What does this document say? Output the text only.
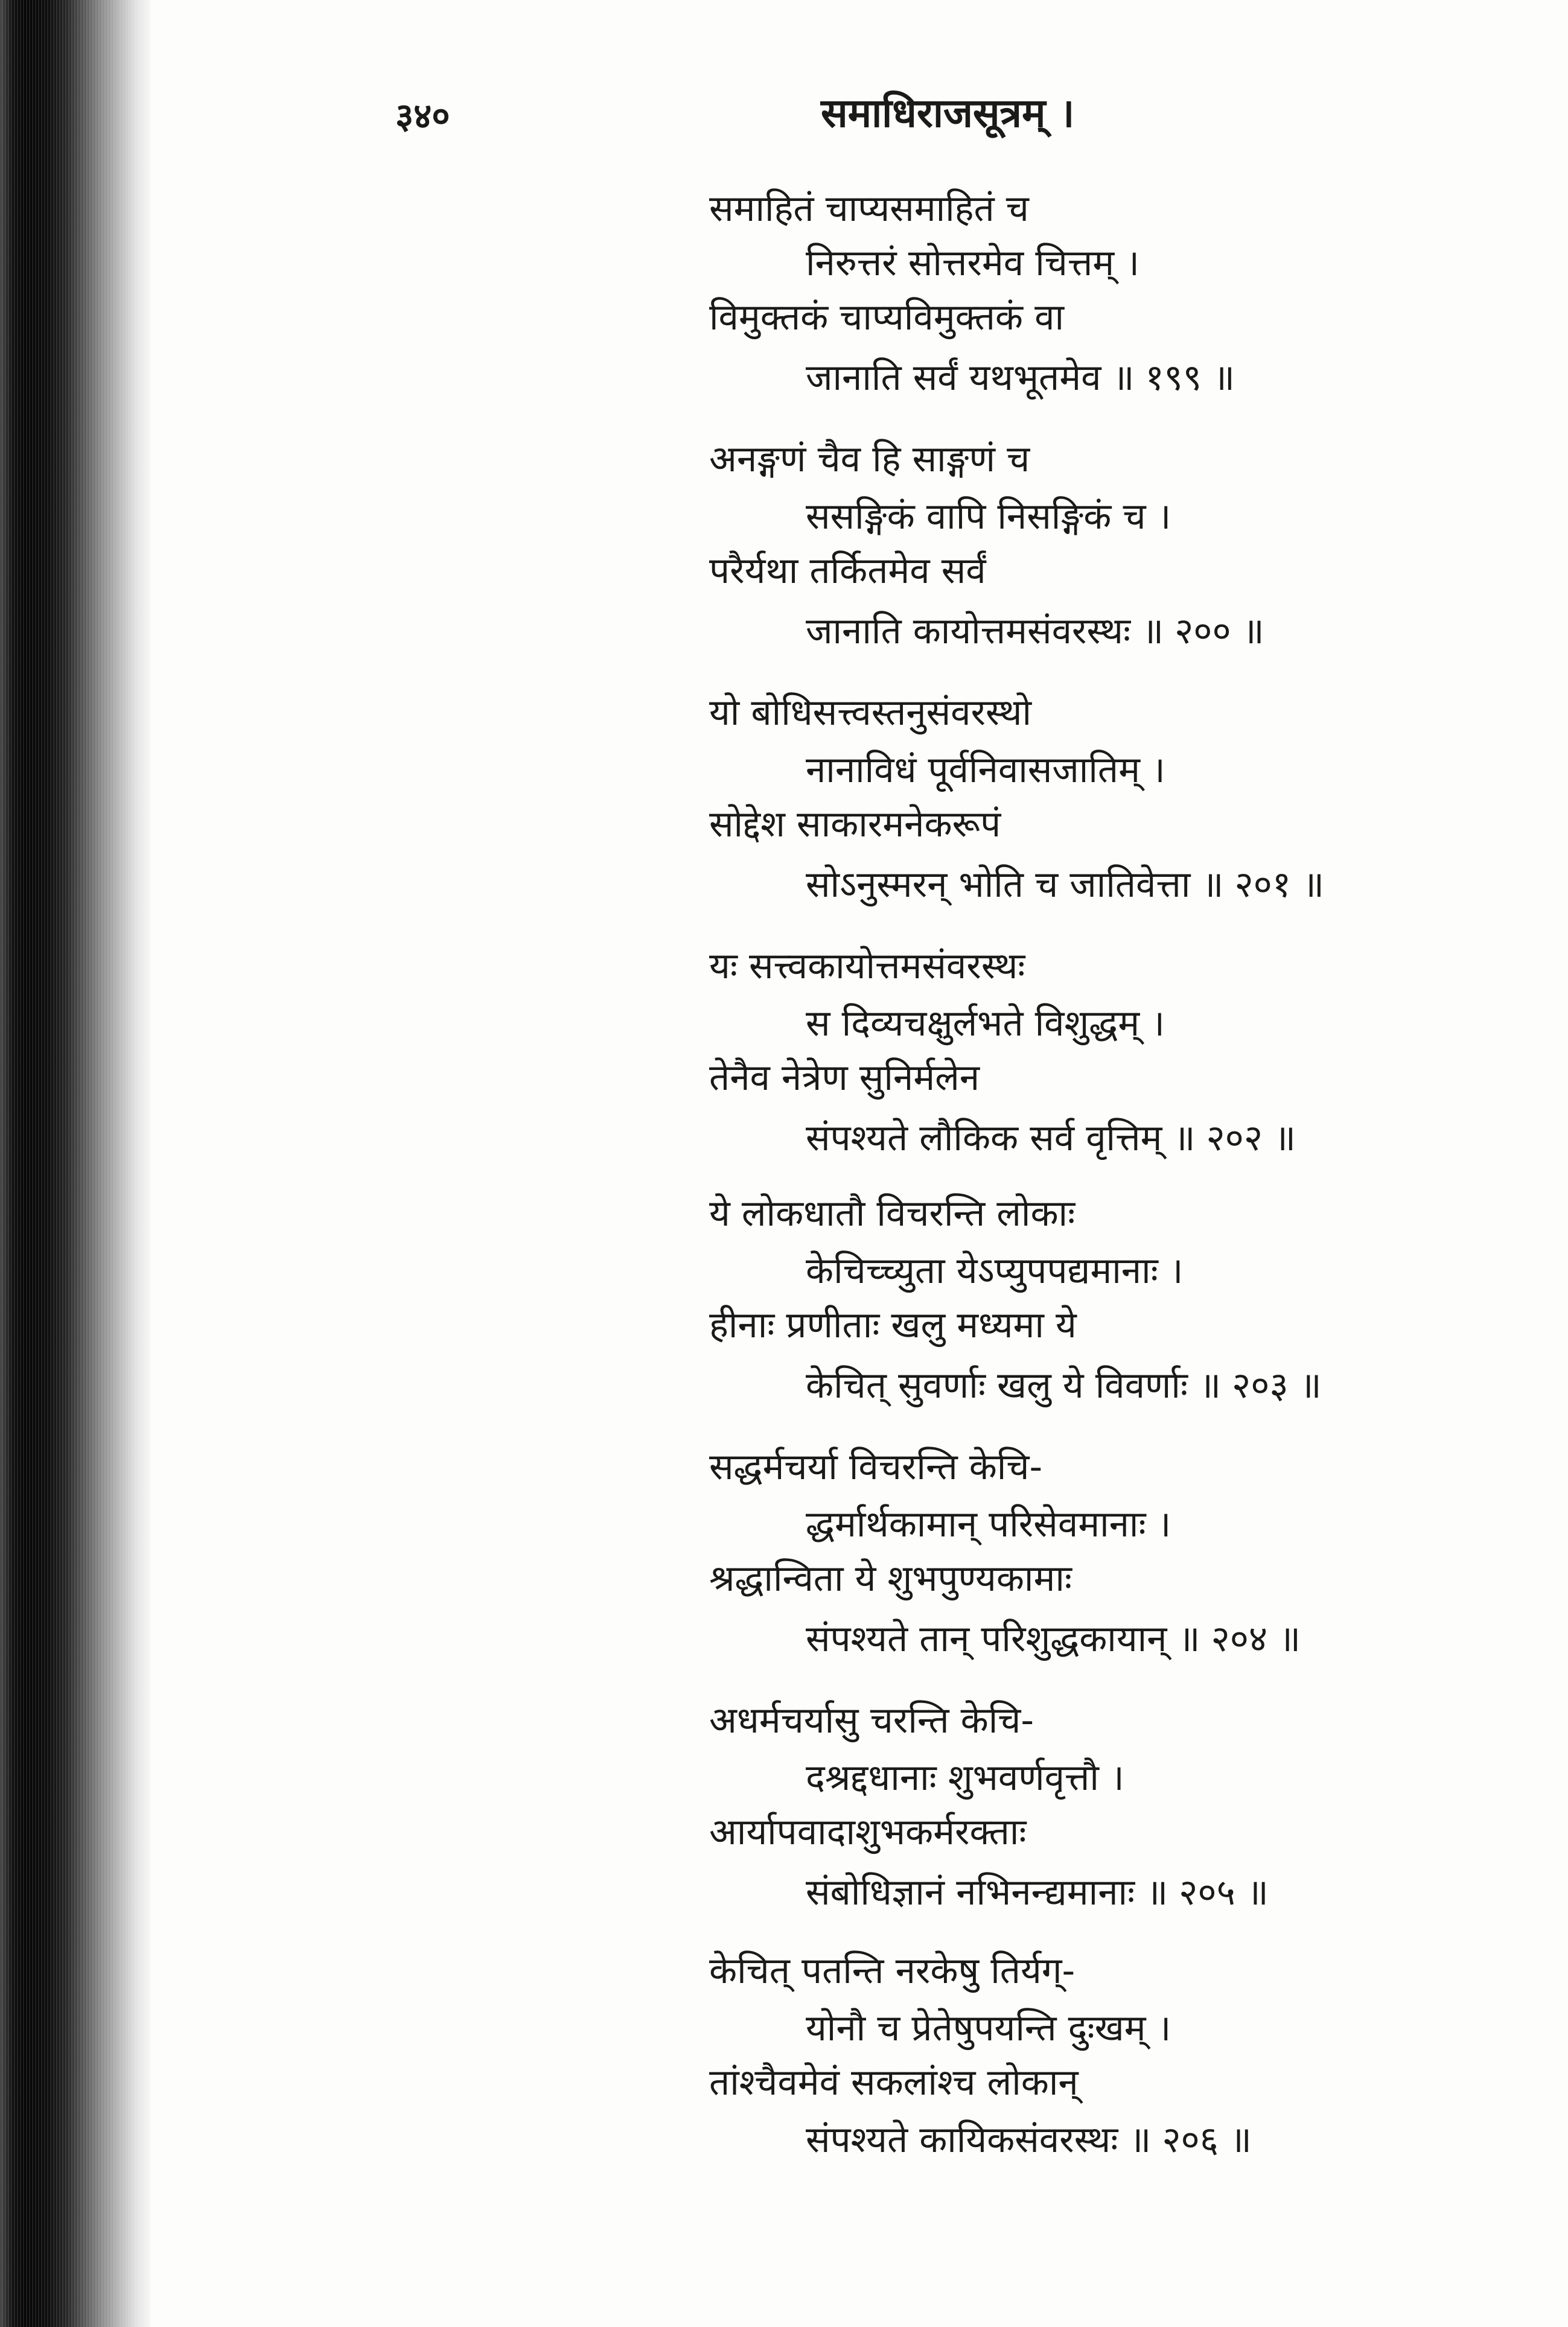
३४०	समाधिराजसूत्रम् ।
समाहितं चाप्यसमाहितं च
निरुत्तरं सोत्तरमेव चित्तम् ।
विमुक्तकं चाप्यविमुक्तकं वा
जानाति सर्वं यथभूतमेव ॥ १९९ ॥
अनङ्गणं चैव हि साङ्गणं च
ससङ्गिकं वापि निसङ्गिकं च ।
परैर्यथा तर्कितमेव सर्वं
जानाति कायोत्तमसंवरस्थः ॥ २०० ॥
यो बोधिसत्त्वस्तनुसंवरस्थो
नानाविधं पूर्वनिवासजातिम् ।
सोद्देश साकारमनेकरूपं
सोऽनुस्मरन् भोति च जातिवेत्ता ॥ २०१ ॥
यः सत्त्वकायोत्तमसंवरस्थः
स दिव्यचक्षुर्लभते विशुद्धम् ।
तेनैव नेत्रेण सुनिर्मलेन
संपश्यते लौकिक सर्व वृत्तिम् ॥ २०२ ॥
ये लोकधातौ विचरन्ति लोकाः
केचिच्च्युता येऽप्युपपद्यमानाः ।
हीनाः प्रणीताः खलु मध्यमा ये
केचित् सुवर्णाः खलु ये विवर्णाः ॥ २०३ ॥
सद्धर्मचर्या विचरन्ति केचि-
द्धर्मार्थकामान् परिसेवमानाः ।
श्रद्धान्विता ये शुभपुण्यकामाः
संपश्यते तान् परिशुद्धकायान् ॥ २०४ ॥
अधर्मचर्यासु चरन्ति केचि-
दश्रद्दधानाः शुभवर्णवृत्तौ ।
आर्यापवादाशुभकर्मरक्ताः
संबोधिज्ञानं नभिनन्द्यमानाः ॥ २०५ ॥
केचित् पतन्ति नरकेषु तिर्यग्-
योनौ च प्रेतेषुपयन्ति दुःखम् ।
तांश्चैवमेवं सकलांश्च लोकान्
संपश्यते कायिकसंवरस्थः ॥ २०६ ॥
